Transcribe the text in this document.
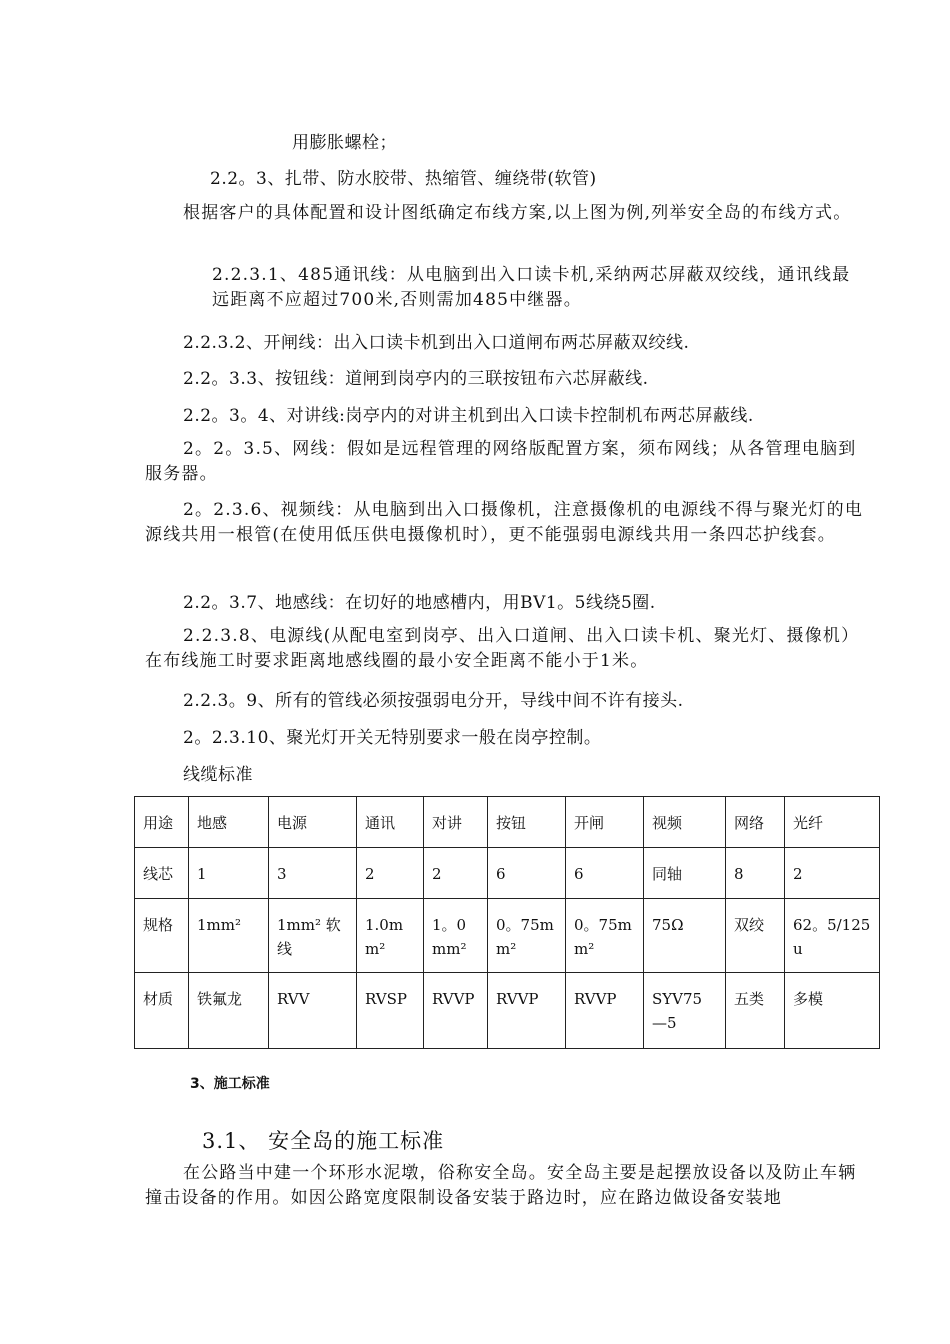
用膨胀螺栓；
2.2。3、扎带、防水胶带、热缩管、缠绕带(软管)
根据客户的具体配置和设计图纸确定布线方案,以上图为例,列举安全岛的布线方式。
2.2.3.1、485通讯线：从电脑到出入口读卡机,采纳两芯屏蔽双绞线，通讯线最远距离不应超过700米,否则需加485中继器。
2.2.3.2、开闸线：出入口读卡机到出入口道闸布两芯屏蔽双绞线.
2.2。3.3、按钮线：道闸到岗亭内的三联按钮布六芯屏蔽线.
2.2。3。4、对讲线:岗亭内的对讲主机到出入口读卡控制机布两芯屏蔽线.
2。2。3.5、网线：假如是远程管理的网络版配置方案，须布网线；从各管理电脑到服务器。
2。2.3.6、视频线：从电脑到出入口摄像机，注意摄像机的电源线不得与聚光灯的电源线共用一根管(在使用低压供电摄像机时），更不能强弱电源线共用一条四芯护线套。
2.2。3.7、地感线：在切好的地感槽内，用BV1。5线绕5圈.
2.2.3.8、电源线(从配电室到岗亭、出入口道闸、出入口读卡机、聚光灯、摄像机）在布线施工时要求距离地感线圈的最小安全距离不能小于1米。
2.2.3。9、所有的管线必须按强弱电分开，导线中间不许有接头.
2。2.3.10、聚光灯开关无特别要求一般在岗亭控制。
线缆标准
用途	地感	电源	通讯	对讲	按钮	开闸	视频	网络	光纤
线芯	1	3	2	2	6	6	同轴	8	2
规格	1mm²	1mm² 软线	1.0mm²	1。0mm²	0。75mm²	0。75mm²	75Ω	双绞	62。5/125u
材质	铁氟龙	RVV	RVSP	RVVP	RVVP	RVVP	SYV75—5	五类	多模
3、施工标准
3.1、 安全岛的施工标准
在公路当中建一个环形水泥墩，俗称安全岛。安全岛主要是起摆放设备以及防止车辆撞击设备的作用。如因公路宽度限制设备安装于路边时，应在路边做设备安装地
